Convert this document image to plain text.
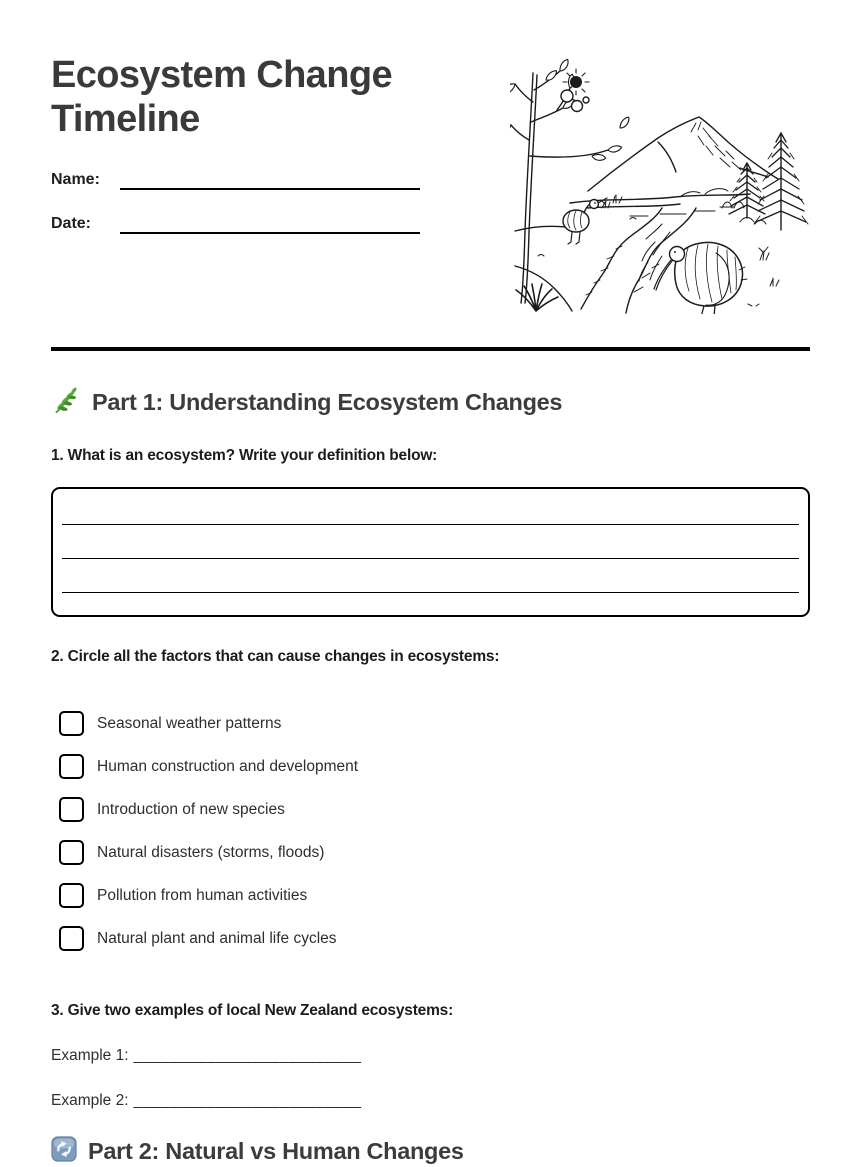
Ecosystem Change Timeline
Name:
Date:
Part 1: Understanding Ecosystem Changes
1. What is an ecosystem? Write your definition below:
2. Circle all the factors that can cause changes in ecosystems:
Seasonal weather patterns
Human construction and development
Introduction of new species
Natural disasters (storms, floods)
Pollution from human activities
Natural plant and animal life cycles
3. Give two examples of local New Zealand ecosystems:
Example 1: _________________________
Example 2: _________________________
Part 2: Natural vs Human Changes
